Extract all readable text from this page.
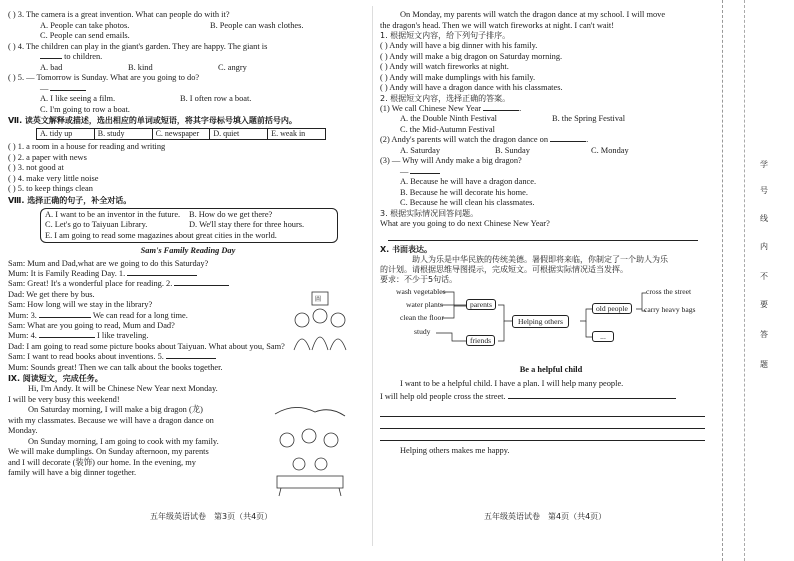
( ) 3. The camera is a great invention. What can people do with it?
A. People can take photos.	B. People can wash clothes.
C. People can send emails.
( ) 4. The children can play in the giant's garden. They are happy. The giant is
to children.
A. bad	B. kind	C. angry
( ) 5. — Tomorrow is Sunday. What are you going to do?
—
A. I like seeing a film.	B. I often row a boat.
C. I'm going to row a boat.
Ⅶ. 读英文解释或描述，选出相应的单词或短语，将其字母标号填入题前括号内。
A. tidy up	B. study	C. newspaper	D. quiet	E. weak in
( ) 1. a room in a house for reading and writing
( ) 2. a paper with news
( ) 3. not good at
( ) 4. make very little noise
( ) 5. to keep things clean
Ⅷ. 选择正确的句子，补全对话。
A. I want to be an inventor in the future.	B. How do we get there?
C. Let's go to Taiyuan Library.	D. We'll stay there for three hours.
E. I am going to read some magazines about great cities in the world.
Sam's Family Reading Day
Sam: Mum and Dad,what are we going to do this Saturday?
Mum: It is Family Reading Day. 1.
Sam: Great! It's a wonderful place for reading. 2.
Dad: We get there by bus.
Sam: How long will we stay in the library?
Mum: 3.	We can read for a long time.
Sam: What are you going to read, Mum and Dad?
Mum: 4.	I like traveling.
Dad: I am going to read some picture books about Taiyuan. What about you, Sam?
Sam: I want to read books about inventions. 5.
Mum: Sounds great! Then we can talk about the books together.
Ⅸ. 阅读短文，完成任务。
Hi, I'm Andy. It will be Chinese New Year next Monday.
I will be very busy this weekend!
On Saturday morning, I will make a big dragon (龙)
with my classmates. Because we will have a dragon dance on
Monday.
On Sunday morning, I am going to cook with my family.
We will make dumplings. On Sunday afternoon, my parents
and I will decorate (装饰) our home. In the evening, my
family will have a big dinner together.
圖
On Monday, my parents will watch the dragon dance at my school. I will move
the dragon's head. Then we will watch fireworks at night. I can't wait!
1. 根据短文内容，给下列句子排序。
( ) Andy will have a big dinner with his family.
( ) Andy will make a big dragon on Saturday morning.
( ) Andy will watch fireworks at night.
( ) Andy will make dumplings with his family.
( ) Andy will have a dragon dance with his classmates.
2. 根据短文内容，选择正确的答案。
(1) We call Chinese New Year	.
A. the Double Ninth Festival	B. the Spring Festival
C. the Mid-Autumn Festival
(2) Andy's parents will watch the dragon dance on	.
A. Saturday	B. Sunday	C. Monday
(3) — Why will Andy make a big dragon?
—
A. Because he will have a dragon dance.
B. Because he will decorate his home.
C. Because he will clean his classmates.
3. 根据实际情况回答问题。
What are you going to do next Chinese New Year?
Ⅹ. 书面表达。
助人为乐是中华民族的传统美德。暑假即将来临，你制定了一个助人为乐
的计划。请根据思维导图提示，完成短文。可根据实际情况适当发挥。
要求：不少于5句话。
wash vegetables
water plants
clean the floor
study
parents
friends
Helping others
old people
...
cross the street
carry heavy bags
Be a helpful child
I want to be a helpful child. I have a plan. I will help many people.
I will help old people cross the street.
Helping others makes me happy.
五年级英语试卷　第3页（共4页）	五年级英语试卷　第4页（共4页）
学
号
线
内
不
要
答
题
